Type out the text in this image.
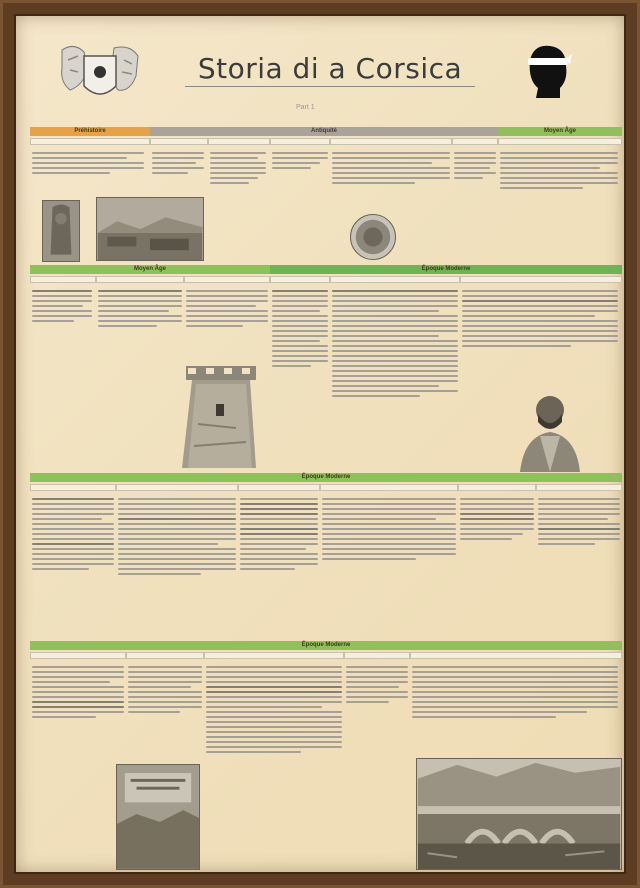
Storia di a Corsica
Part 1
Préhistoire	Antiquité	Moyen Âge
Moyen Âge	Époque Moderne
Époque Moderne
Époque Moderne
